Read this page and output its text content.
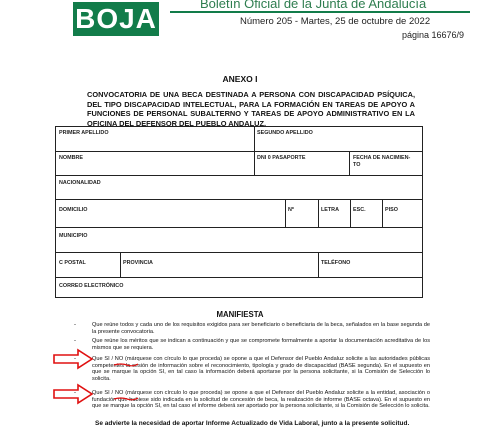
BOJA	Boletín Oficial de la Junta de Andalucía
Número 205 - Martes, 25 de octubre de 2022
página 16676/9
ANEXO I
CONVOCATORIA DE UNA BECA DESTINADA A PERSONA CON DISCAPACIDAD PSÍQUICA, DEL TIPO DISCAPACIDAD INTELECTUAL, PARA LA FORMACIÓN EN TAREAS DE APOYO A FUNCIONES DE PERSONAL SUBALTERNO Y TAREAS DE APOYO ADMINISTRATIVO EN LA OFICINA DEL DEFENSOR DEL PUEBLO ANDALUZ.
PRIMER APELLIDO	SEGUNDO APELLIDO
NOMBRE	DNI 0 PASAPORTE	FECHA DE NACIMIEN-
TO
NACIONALIDAD
DOMICILIO	Nº	LETRA	ESC.	PISO
MUNICIPIO
C POSTAL	PROVINCIA	TELÉFONO
CORREO ELECTRÓNICO
MANIFIESTA
-	Que reúne todos y cada uno de los requisitos exigidos para ser beneficiario o beneficiaria de la beca, señalados en la base segunda de la presente convocatoria.
-	Que reúne los méritos que se indican a continuación y que se compromete formalmente a aportar la documentación acreditativa de los mismos que se requiera.
-	Que SI / NO (márquese con círculo lo que proceda) se opone a que el Defensor del Pueblo Andaluz solicite a las autoridades públicas competentes la cesión de información sobre el reconocimiento, tipología y grado de discapacidad (BASE segunda). En el supuesto en que se marque la opción SI, en tal caso la información deberá aportarse por la persona solicitante, si la Comisión de Selección lo solicita.
-	Que SI / NO (márquese con círculo lo que proceda) se opone a que el Defensor del Pueblo Andaluz solicite a la entidad, asociación o fundación que hubiese sido indicada en la solicitud de concesión de beca, la realización de informe (BASE octava). En el supuesto en que se marque la opción SI, en tal caso el informe deberá ser aportado por la persona solicitante, si la Comisión de Selección lo solicita.
Se advierte la necesidad de aportar Informe Actualizado de Vida Laboral, junto a la presente solicitud.
